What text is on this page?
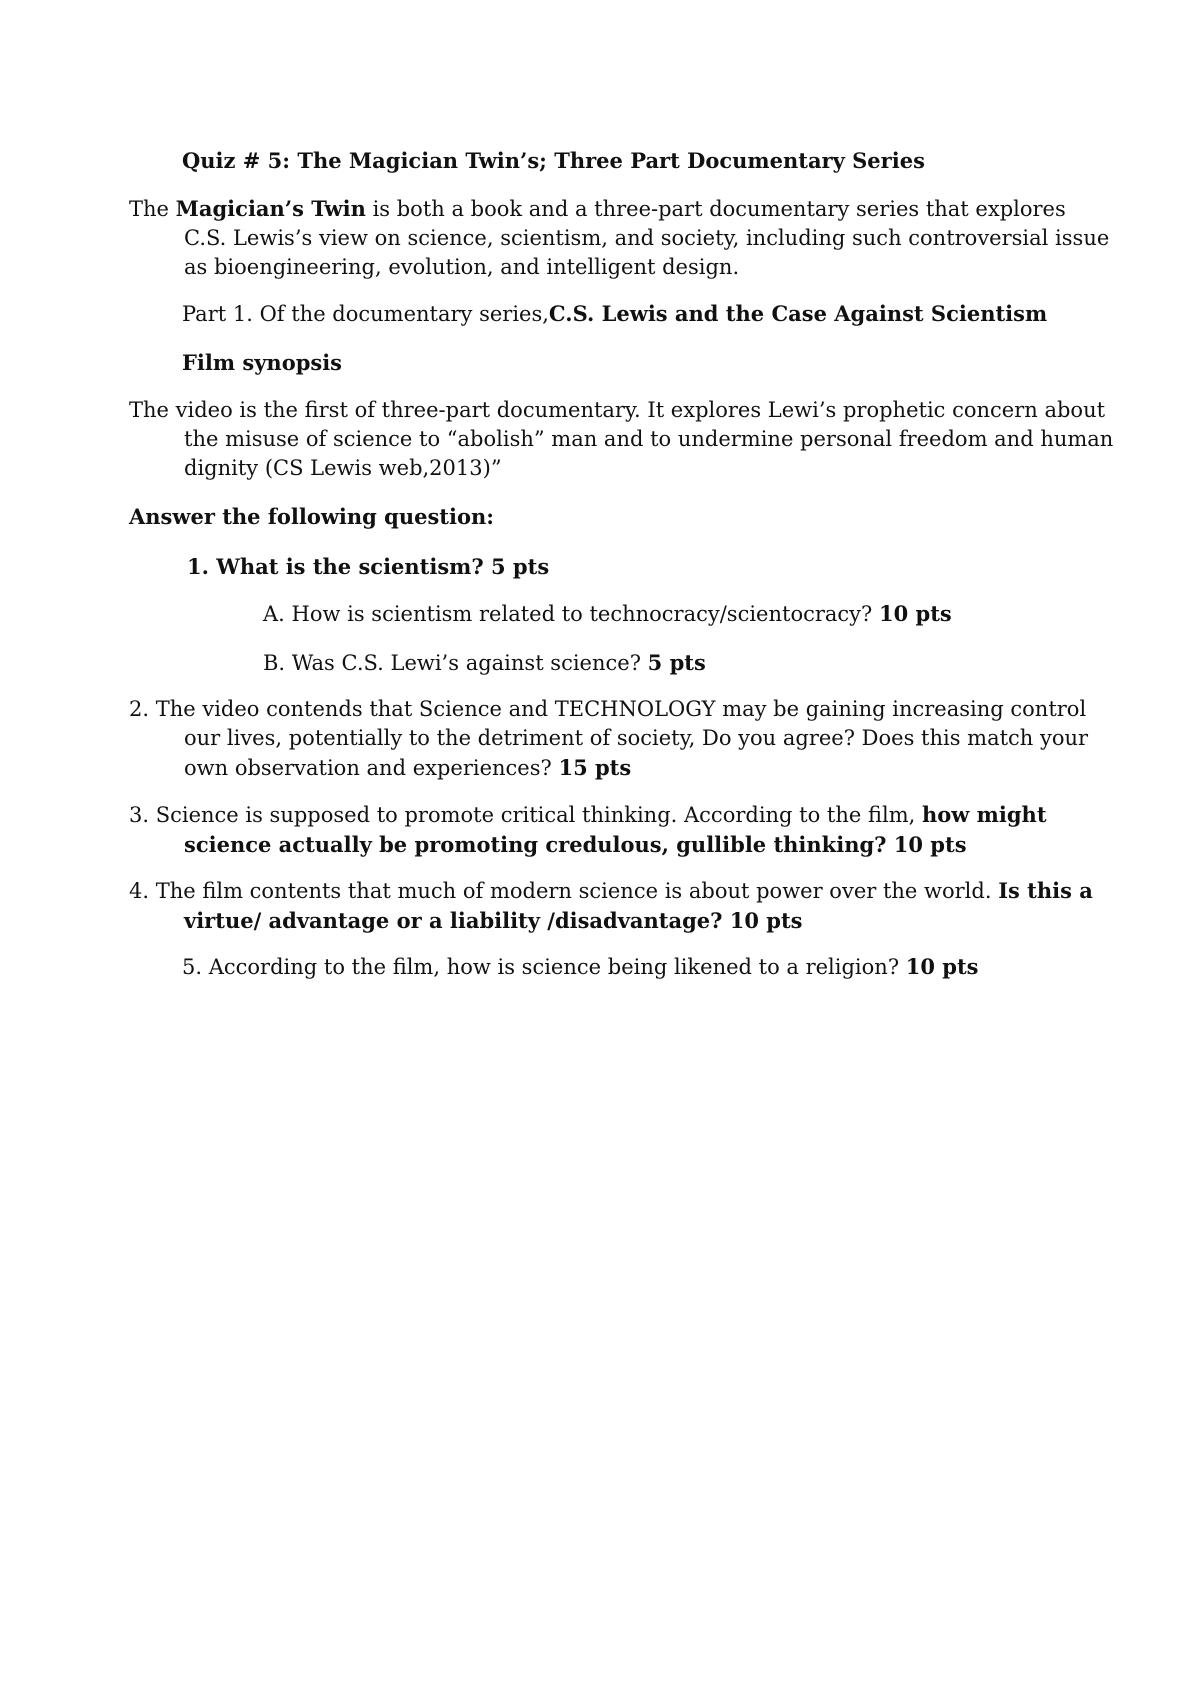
Quiz # 5: The Magician Twin’s; Three Part Documentary Series

The Magician’s Twin is both a book and a three-part documentary series that explores C.S. Lewis’s view on science, scientism, and society, including such controversial issue as bioengineering, evolution, and intelligent design.

Part 1. Of the documentary series,C.S. Lewis and the Case Against Scientism

Film synopsis

The video is the first of three-part documentary. It explores Lewi’s prophetic concern about the misuse of science to “abolish” man and to undermine personal freedom and human dignity (CS Lewis web,2013)”

Answer the following question:

1. What is the scientism? 5 pts

A. How is scientism related to technocracy/scientocracy? 10 pts

B. Was C.S. Lewi’s against science? 5 pts

2. The video contends that Science and TECHNOLOGY may be gaining increasing control our lives, potentially to the detriment of society, Do you agree? Does this match your own observation and experiences? 15 pts

3. Science is supposed to promote critical thinking. According to the film, how might science actually be promoting credulous, gullible thinking? 10 pts

4. The film contents that much of modern science is about power over the world. Is this a virtue/ advantage or a liability /disadvantage? 10 pts

5. According to the film, how is science being likened to a religion? 10 pts
